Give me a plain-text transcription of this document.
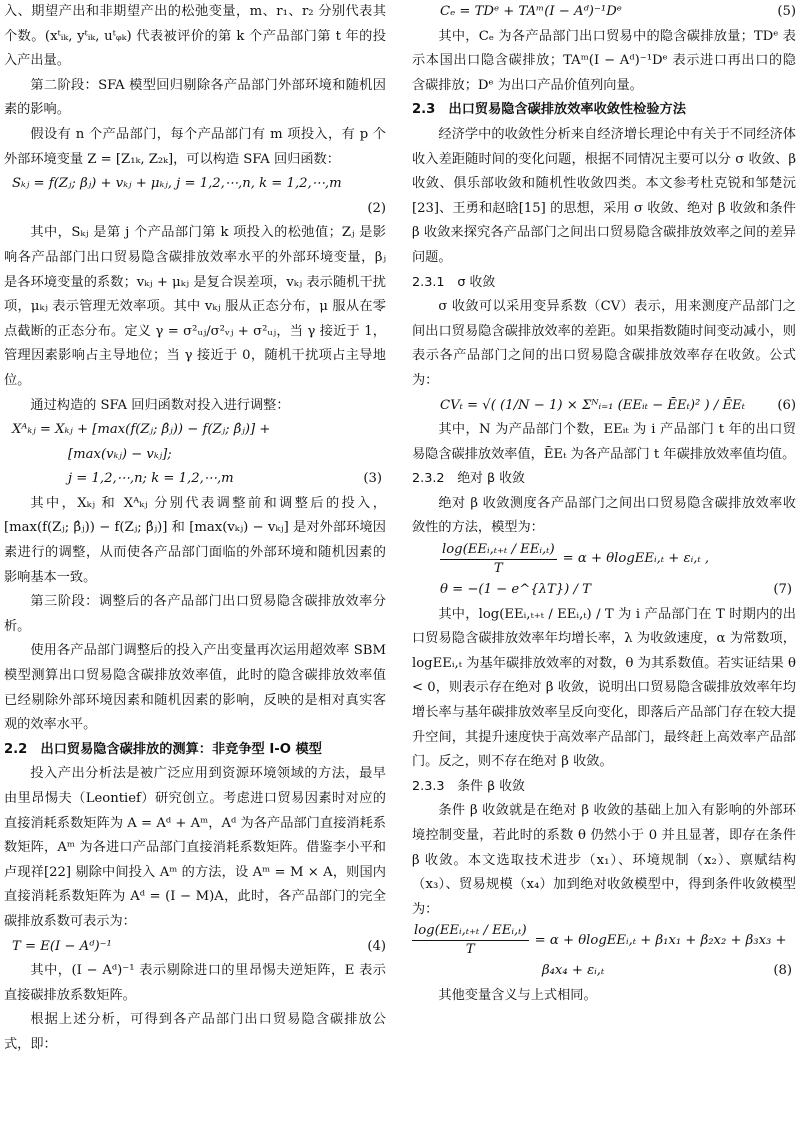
入、期望产出和非期望产出的松弛变量，m、r₁、r₂ 分别代表其个数。(xᵗᵢₖ, yᵗᵢₖ, uᵗᵩₖ) 代表被评价的第 k 个产品部门第 t 年的投入产出量。

第二阶段：SFA 模型回归剔除各产品部门外部环境和随机因素的影响。

假设有 n 个产品部门，每个产品部门有 m 项投入，有 p 个外部环境变量 Z = [Z₁ₖ, Z₂ₖ]，可以构造 SFA 回归函数：

Sₖⱼ = f(Zⱼ; βⱼ) + vₖⱼ + μₖⱼ, j = 1,2,⋯,n, k = 1,2,⋯,m
(2)

其中，Sₖⱼ 是第 j 个产品部门第 k 项投入的松弛值；Zⱼ 是影响各产品部门出口贸易隐含碳排放效率水平的外部环境变量，βⱼ 是各环境变量的系数；vₖⱼ + μₖⱼ 是复合误差项，vₖⱼ 表示随机干扰项，μₖⱼ 表示管理无效率项。其中 vₖⱼ 服从正态分布，μ 服从在零点截断的正态分布。定义 γ = σ²ᵤⱼ/σ²ᵥⱼ + σ²ᵤⱼ，当 γ 接近于 1，管理因素影响占主导地位；当 γ 接近于 0，随机干扰项占主导地位。

通过构造的 SFA 回归函数对投入进行调整：

Xᴬₖⱼ = Xₖⱼ + [max(f(Zⱼ; β̂ⱼ)) − f(Zⱼ; β̂ⱼ)] +
[max(vₖⱼ) − vₖⱼ];
j = 1,2,⋯,n; k = 1,2,⋯,m	(3)

其中，Xₖⱼ 和 Xᴬₖⱼ 分别代表调整前和调整后的投入，[max(f(Zⱼ; β̂ⱼ)) − f(Zⱼ; β̂ⱼ)] 和 [max(vₖⱼ) − vₖⱼ] 是对外部环境因素进行的调整，从而使各产品部门面临的外部环境和随机因素的影响基本一致。

第三阶段：调整后的各产品部门出口贸易隐含碳排放效率分析。

使用各产品部门调整后的投入产出变量再次运用超效率 SBM 模型测算出口贸易隐含碳排放效率值，此时的隐含碳排放效率值已经剔除外部环境因素和随机因素的影响，反映的是相对真实客观的效率水平。

2.2　出口贸易隐含碳排放的测算：非竞争型 I-O 模型

投入产出分析法是被广泛应用到资源环境领域的方法，最早由里昂惕夫（Leontief）研究创立。考虑进口贸易因素时对应的直接消耗系数矩阵为 A = Aᵈ + Aᵐ，Aᵈ 为各产品部门直接消耗系数矩阵，Aᵐ 为各进口产品部门直接消耗系数矩阵。借鉴李小平和卢现祥[22] 剔除中间投入 Aᵐ 的方法，设 Aᵐ = M × A，则国内直接消耗系数矩阵为 Aᵈ = (I − M)A，此时，各产品部门的完全碳排放系数可表示为：

T = E(I − Aᵈ)⁻¹	(4)

其中，(I − Aᵈ)⁻¹ 表示剔除进口的里昂惕夫逆矩阵，E 表示直接碳排放系数矩阵。

根据上述分析，可得到各产品部门出口贸易隐含碳排放公式，即：

Cₑ = TDᵉ + TAᵐ(I − Aᵈ)⁻¹Dᵉ	(5)

其中，Cₑ 为各产品部门出口贸易中的隐含碳排放量；TDᵉ 表示本国出口隐含碳排放；TAᵐ(I − Aᵈ)⁻¹Dᵉ 表示进口再出口的隐含碳排放；Dᵉ 为出口产品价值列向量。

2.3　出口贸易隐含碳排放效率收敛性检验方法

经济学中的收敛性分析来自经济增长理论中有关于不同经济体收入差距随时间的变化问题，根据不同情况主要可以分 σ 收敛、β 收敛、俱乐部收敛和随机性收敛四类。本文参考杜克锐和邹楚沅[23]、王勇和赵晗[15] 的思想，采用 σ 收敛、绝对 β 收敛和条件 β 收敛来探究各产品部门之间出口贸易隐含碳排放效率之间的差异问题。

2.3.1　σ 收敛

σ 收敛可以采用变异系数（CV）表示，用来测度产品部门之间出口贸易隐含碳排放效率的差距。如果指数随时间变动减小，则表示各产品部门之间的出口贸易隐含碳排放效率存在收敛。公式为：

CVₜ = √( (1/N − 1) × Σᴺᵢ₌₁ (EEᵢₜ − ĒEₜ)² ) / ĒEₜ (6)

其中，N 为产品部门个数，EEᵢₜ 为 i 产品部门 t 年的出口贸易隐含碳排放效率值，ĒEₜ 为各产品部门 t 年碳排放效率值均值。

2.3.2　绝对 β 收敛

绝对 β 收敛测度各产品部门之间出口贸易隐含碳排放效率收敛性的方法，模型为：

$\frac{\text{log(EEᵢ,ₜ₊ₜ / EEᵢ,ₜ)}}{T} = \alpha$ + θlogEEᵢ,ₜ + εᵢ,ₜ ,
θ = −(1 − e^{λT}) / T	(7)

其中，log(EEᵢ,ₜ₊ₜ / EEᵢ,ₜ) / T 为 i 产品部门在 T 时期内的出口贸易隐含碳排放效率年均增长率，λ 为收敛速度，α 为常数项，logEEᵢ,ₜ 为基年碳排放效率的对数，θ 为其系数值。若实证结果 θ < 0，则表示存在绝对 β 收敛，说明出口贸易隐含碳排放效率年均增长率与基年碳排放效率呈反向变化，即落后产品部门存在较大提升空间，其提升速度快于高效率产品部门，最终赶上高效率产品部门。反之，则不存在绝对 β 收敛。

2.3.3　条件 β 收敛

条件 β 收敛就是在绝对 β 收敛的基础上加入有影响的外部环境控制变量，若此时的系数 θ 仍然小于 0 并且显著，即存在条件 β 收敛。本文选取技术进步（x₁）、环境规制（x₂）、禀赋结构（x₃）、贸易规模（x₄）加到绝对收敛模型中，得到条件收敛模型为：

$\frac{\text{log(EEᵢ,ₜ₊ₜ / EEᵢ,ₜ)}}{T} = \alpha$ + θlogEEᵢ,ₜ + β₁x₁ + β₂x₂ + β₃x₃ +
β₄x₄ + εᵢ,ₜ	(8)

其他变量含义与上式相同。
